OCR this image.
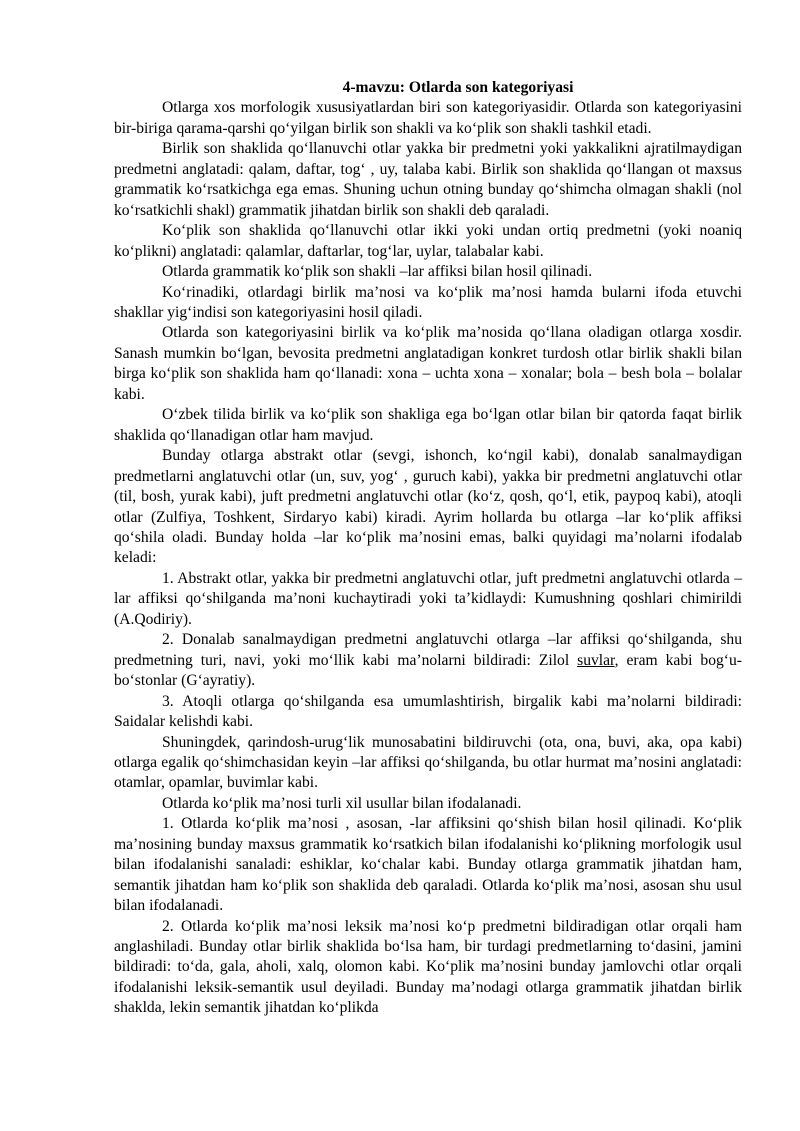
4-mavzu: Otlarda son kategoriyasi

Otlarga xos morfologik xususiyatlardan biri son kategoriyasidir. Otlarda son kategoriyasini bir-biriga qarama-qarshi qo‘yilgan birlik son shakli va ko‘plik son shakli tashkil etadi.

Birlik son shaklida qo‘llanuvchi otlar yakka bir predmetni yoki yakkalikni ajratilmaydigan predmetni anglatadi: qalam, daftar, tog‘ , uy, talaba kabi. Birlik son shaklida qo‘llangan ot maxsus grammatik ko‘rsatkichga ega emas. Shuning uchun otning bunday qo‘shimcha olmagan shakli (nol ko‘rsatkichli shakl) grammatik jihatdan birlik son shakli deb qaraladi.

Ko‘plik son shaklida qo‘llanuvchi otlar ikki yoki undan ortiq predmetni (yoki noaniq ko‘plikni) anglatadi: qalamlar, daftarlar, tog‘lar, uylar, talabalar kabi.

Otlarda grammatik ko‘plik son shakli –lar affiksi bilan hosil qilinadi.

Ko‘rinadiki, otlardagi birlik ma’nosi va ko‘plik ma’nosi hamda bularni ifoda etuvchi shakllar yig‘indisi son kategoriyasini hosil qiladi.

Otlarda son kategoriyasini birlik va ko‘plik ma’nosida qo‘llana oladigan otlarga xosdir. Sanash mumkin bo‘lgan, bevosita predmetni anglatadigan konkret turdosh otlar birlik shakli bilan birga ko‘plik son shaklida ham qo‘llanadi: xona – uchta xona – xonalar; bola – besh bola – bolalar kabi.

O‘zbek tilida birlik va ko‘plik son shakliga ega bo‘lgan otlar bilan bir qatorda faqat birlik shaklida qo‘llanadigan otlar ham mavjud.

Bunday otlarga abstrakt otlar (sevgi, ishonch, ko‘ngil kabi), donalab sanalmaydigan predmetlarni anglatuvchi otlar (un, suv, yog‘ , guruch kabi), yakka bir predmetni anglatuvchi otlar (til, bosh, yurak kabi), juft predmetni anglatuvchi otlar (ko‘z, qosh, qo‘l, etik, paypoq kabi), atoqli otlar (Zulfiya, Toshkent, Sirdaryo kabi) kiradi. Ayrim hollarda bu otlarga –lar ko‘plik affiksi qo‘shila oladi. Bunday holda –lar ko‘plik ma’nosini emas, balki quyidagi ma’nolarni ifodalab keladi:

1. Abstrakt otlar, yakka bir predmetni anglatuvchi otlar, juft predmetni anglatuvchi otlarda –lar affiksi qo‘shilganda ma’noni kuchaytiradi yoki ta’kidlaydi: Kumushning qoshlari chimirildi (A.Qodiriy).

2. Donalab sanalmaydigan predmetni anglatuvchi otlarga –lar affiksi qo‘shilganda, shu predmetning turi, navi, yoki mo‘llik kabi ma’nolarni bildiradi: Zilol suvlar, eram kabi bog‘u-bo‘stonlar (G‘ayratiy).

3. Atoqli otlarga qo‘shilganda esa umumlashtirish, birgalik kabi ma’nolarni bildiradi: Saidalar kelishdi kabi.

Shuningdek, qarindosh-urug‘lik munosabatini bildiruvchi (ota, ona, buvi, aka, opa kabi) otlarga egalik qo‘shimchasidan keyin –lar affiksi qo‘shilganda, bu otlar hurmat ma’nosini anglatadi: otamlar, opamlar, buvimlar kabi.

Otlarda ko‘plik ma’nosi turli xil usullar bilan ifodalanadi.

1. Otlarda ko‘plik ma’nosi , asosan, -lar affiksini qo‘shish bilan hosil qilinadi. Ko‘plik ma’nosining bunday maxsus grammatik ko‘rsatkich bilan ifodalanishi ko‘plikning morfologik usul bilan ifodalanishi sanaladi: eshiklar, ko‘chalar kabi. Bunday otlarga grammatik jihatdan ham, semantik jihatdan ham ko‘plik son shaklida deb qaraladi. Otlarda ko‘plik ma’nosi, asosan shu usul bilan ifodalanadi.

2. Otlarda ko‘plik ma’nosi leksik ma’nosi ko‘p predmetni bildiradigan otlar orqali ham anglashiladi. Bunday otlar birlik shaklida bo‘lsa ham, bir turdagi predmetlarning to‘dasini, jamini bildiradi: to‘da, gala, aholi, xalq, olomon kabi. Ko‘plik ma’nosini bunday jamlovchi otlar orqali ifodalanishi leksik-semantik usul deyiladi. Bunday ma’nodagi otlarga grammatik jihatdan birlik shaklda, lekin semantik jihatdan ko‘plikda
